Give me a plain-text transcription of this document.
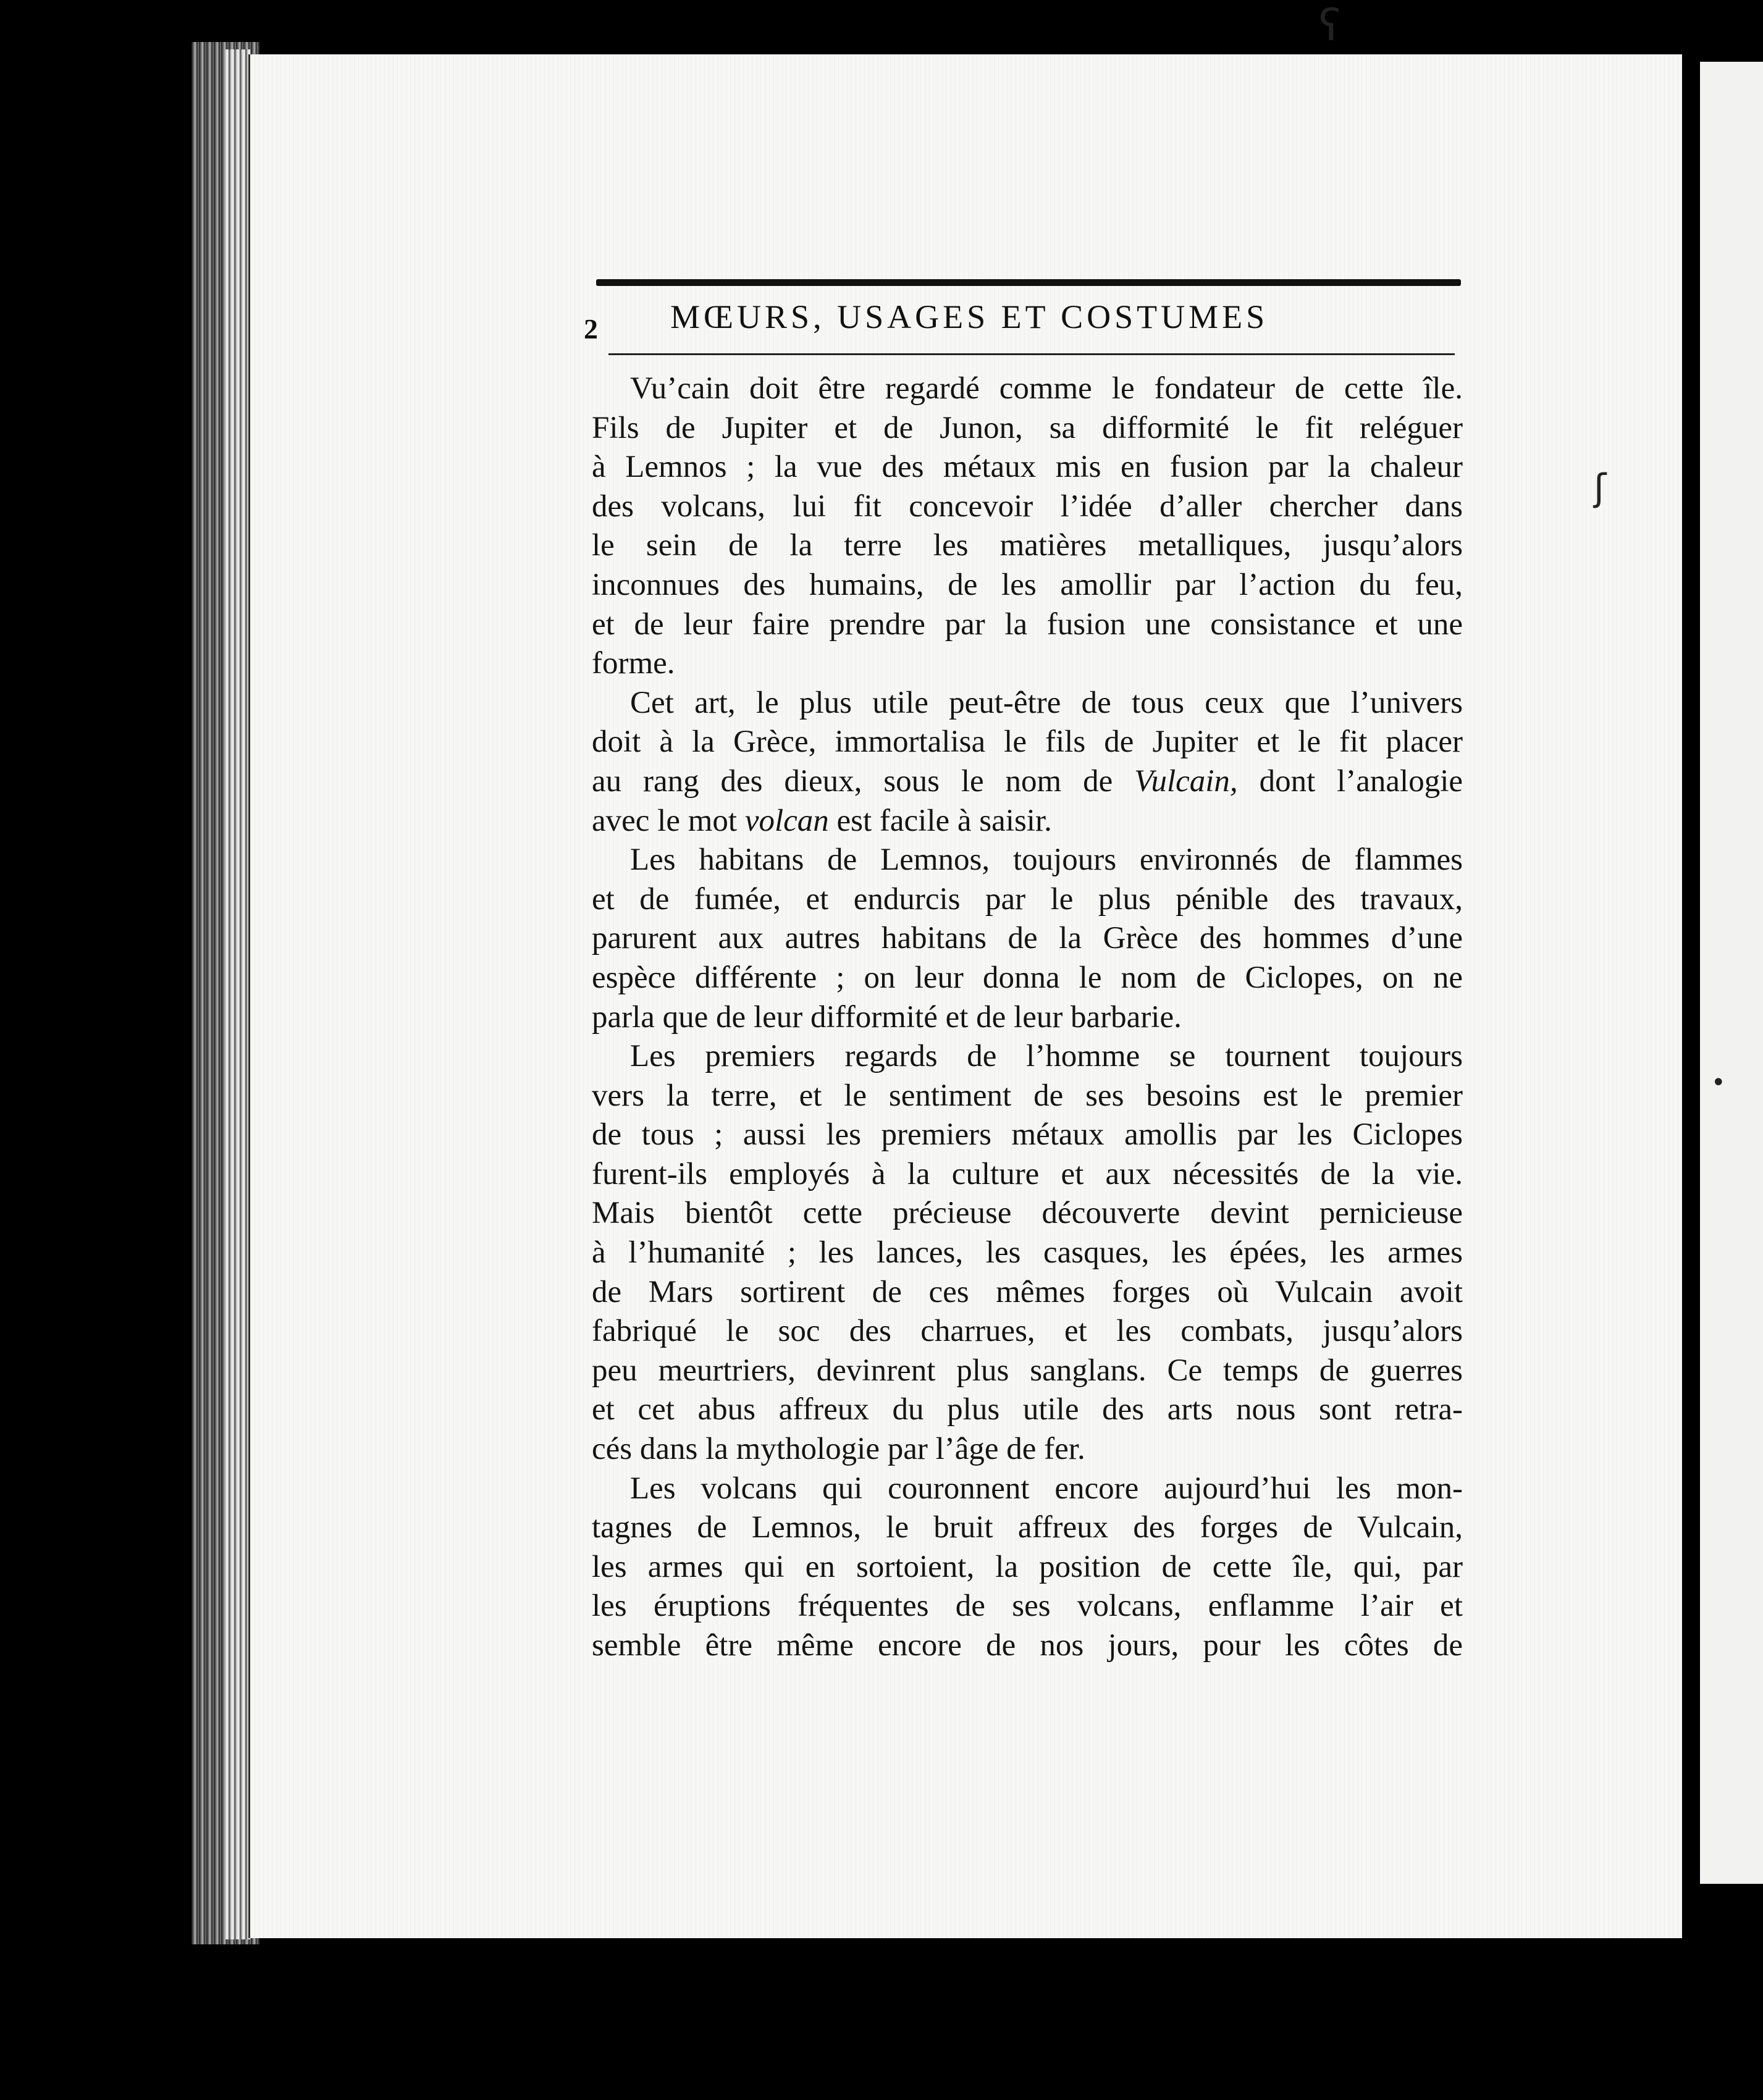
2 MŒURS, USAGES ET COSTUMES

Vu’cain doit être regardé comme le fondateur de cette île.
Fils de Jupiter et de Junon, sa difformité le fit reléguer
à Lemnos ; la vue des métaux mis en fusion par la chaleur
des volcans, lui fit concevoir l’idée d’aller chercher dans
le sein de la terre les matières metalliques, jusqu’alors
inconnues des humains, de les amollir par l’action du feu,
et de leur faire prendre par la fusion une consistance et une
forme.

Cet art, le plus utile peut-être de tous ceux que l’univers
doit à la Grèce, immortalisa le fils de Jupiter et le fit placer
au rang des dieux, sous le nom de Vulcain, dont l’analogie
avec le mot volcan est facile à saisir.

Les habitans de Lemnos, toujours environnés de flammes
et de fumée, et endurcis par le plus pénible des travaux,
parurent aux autres habitans de la Grèce des hommes d’une
espèce différente ; on leur donna le nom de Ciclopes, on ne
parla que de leur difformité et de leur barbarie.

Les premiers regards de l’homme se tournent toujours
vers la terre, et le sentiment de ses besoins est le premier
de tous ; aussi les premiers métaux amollis par les Ciclopes
furent-ils employés à la culture et aux nécessités de la vie.
Mais bientôt cette précieuse découverte devint pernicieuse
à l’humanité ; les lances, les casques, les épées, les armes
de Mars sortirent de ces mêmes forges où Vulcain avoit
fabriqué le soc des charrues, et les combats, jusqu’alors
peu meurtriers, devinrent plus sanglans. Ce temps de guerres
et cet abus affreux du plus utile des arts nous sont retra-
cés dans la mythologie par l’âge de fer.

Les volcans qui couronnent encore aujourd’hui les mon-
tagnes de Lemnos, le bruit affreux des forges de Vulcain,
les armes qui en sortoient, la position de cette île, qui, par
les éruptions fréquentes de ses volcans, enflamme l’air et
semble être même encore de nos jours, pour les côtes de

ʕ
ʃ
•
